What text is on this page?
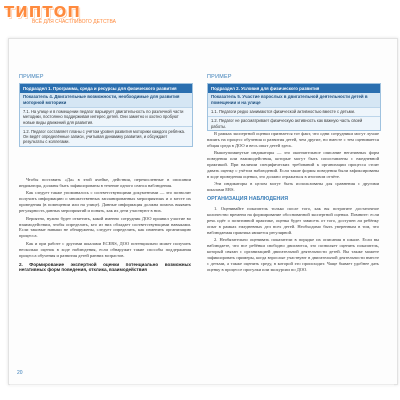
ТИПТОП
ВСЁ ДЛЯ СЧАСТЛИВОГО ДЕТСТВА
ПРИМЕР
Подраздел 1. Программа, среда и ресурсы для физического развития
Показатель 4. Двигательные возможности, необходимые для развития моторной моторики
7.1. На улице и в помещении педагог варьирует двигательность по различной части методики, постоянно поддерживая интерес детей. Они заметно и охотно пробуют новые виды движений для развития.
1.2. Педагог составляет планы с учётом уровня развития моторики каждого ребёнка. Он ведёт определённые записи, учитывая динамику развития, и обсуждает результаты с коллегами.

Чтобы поставить «Да» в этой ячейке, действия, перечисленные в описании индикатора, должны быть зафиксированы в течение одного сеанса наблюдения.

Как следует также упоминалось с соответствующими документами — это позволит получить информацию о множественных запланированных мероприятиях и о месте их проведения (в помещении или на улице). Данные информация должна помочь выявить регулярность данных мероприятий и понять, как их дети участвуют в них.

Вероятно, нужно будет отметить, какой именно сотрудник ДОО проявил участие во взаимодействии, чтобы определить, кто из них обладает соответствующими навыками. Если таковые навыки не обнаружены, следует определить, как изменить организацию процесса.

Как и при работе с другими шкалами ECERS, ДОО потенциально может получить несколько оценок в ходе наблюдения, если обнаружит такие способы поддержания процесса обучения и развития детей ранних возрастов.

2. Формирование экспертной оценки потенциально возможных негативных форм поведения, отклика, взаимодействия
ПРИМЕР
Подраздел 2. Условия для физического развития
Показатель 5. Участие взрослых в двигательной деятельности детей в помещении и на улице
1.1. Педагоги редко занимаются физической активностью вместе с детьми.
1.2. Педагог не рассматривает физическую активность как важную часть своей работы.

В рамках экспертной оценки признается тот факт, что одни сотрудники могут лучше влиять на процесс обучения и развития детей, чем другие, но вместе с тем оценивается общая среда в ДОО и весь опыт детей здесь.

Вышеупомянутые индикаторы — это окончательное описание негативных форм поведения или взаимодействия, которые могут быть сопоставлены с ежедневной практикой. При наличии специфических требований к организации процесса стоит давать оценку с учётом наблюдений. Если такие формы поведения были зафиксированы в ходе проведения оценки, это должно отражаться в итоговом отчёте.

Эти индикаторы в целом могут быть использованы для сравнения с другими шкалами ERS.

ОРГАНИЗАЦИЯ НАБЛЮДЕНИЯ

1. Оценивайте показатель только после того, как вы потратите достаточное количество времени на формирование обоснованной экспертной оценки. Помните: если речь идёт о позитивной практике, оценка будет зависеть от того, доступен ли ребёнку опыт в рамках ежедневных дел всех детей. Необходимо быть уверенным в том, что наблюдаемая практика является регулярной.

2. Необязательно оценивать показатели в порядке их описания в шкале. Если вы наблюдаете, что все ребёнки свободно двигаются, это позволяет оценить показатель, который связан с организацией двигательной деятельности детей. Вы также можете зафиксировать примеры, когда взрослые участвуют в двигательной деятельности вместе с детьми, а также оценить среду, в которой это происходит. Чаще бывает удобнее дать оценку в процессе прогулки или экскурсии по ДОО.

20
